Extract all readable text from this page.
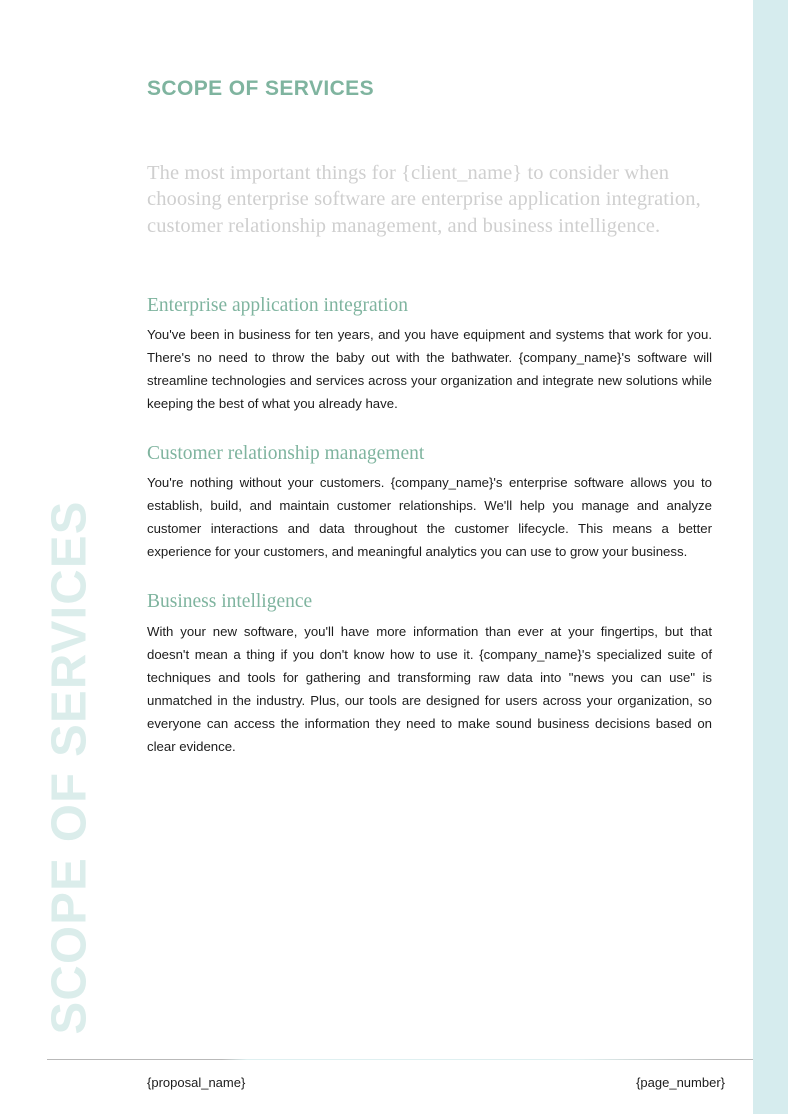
SCOPE OF SERVICES
SCOPE OF SERVICES

The most important things for {client_name} to consider when choosing enterprise software are enterprise application integration, customer relationship management, and business intelligence.

Enterprise application integration

You've been in business for ten years, and you have equipment and systems that work for you. There's no need to throw the baby out with the bathwater. {company_name}'s software will streamline technologies and services across your organization and integrate new solutions while keeping the best of what you already have.

Customer relationship management

You're nothing without your customers. {company_name}'s enterprise software allows you to establish, build, and maintain customer relationships. We'll help you manage and analyze customer interactions and data throughout the customer lifecycle. This means a better experience for your customers, and meaningful analytics you can use to grow your business.

Business intelligence

With your new software, you'll have more information than ever at your fingertips, but that doesn't mean a thing if you don't know how to use it. {company_name}'s specialized suite of techniques and tools for gathering and transforming raw data into "news you can use" is unmatched in the industry. Plus, our tools are designed for users across your organization, so everyone can access the information they need to make sound business decisions based on clear evidence.

{proposal_name}	{page_number}
